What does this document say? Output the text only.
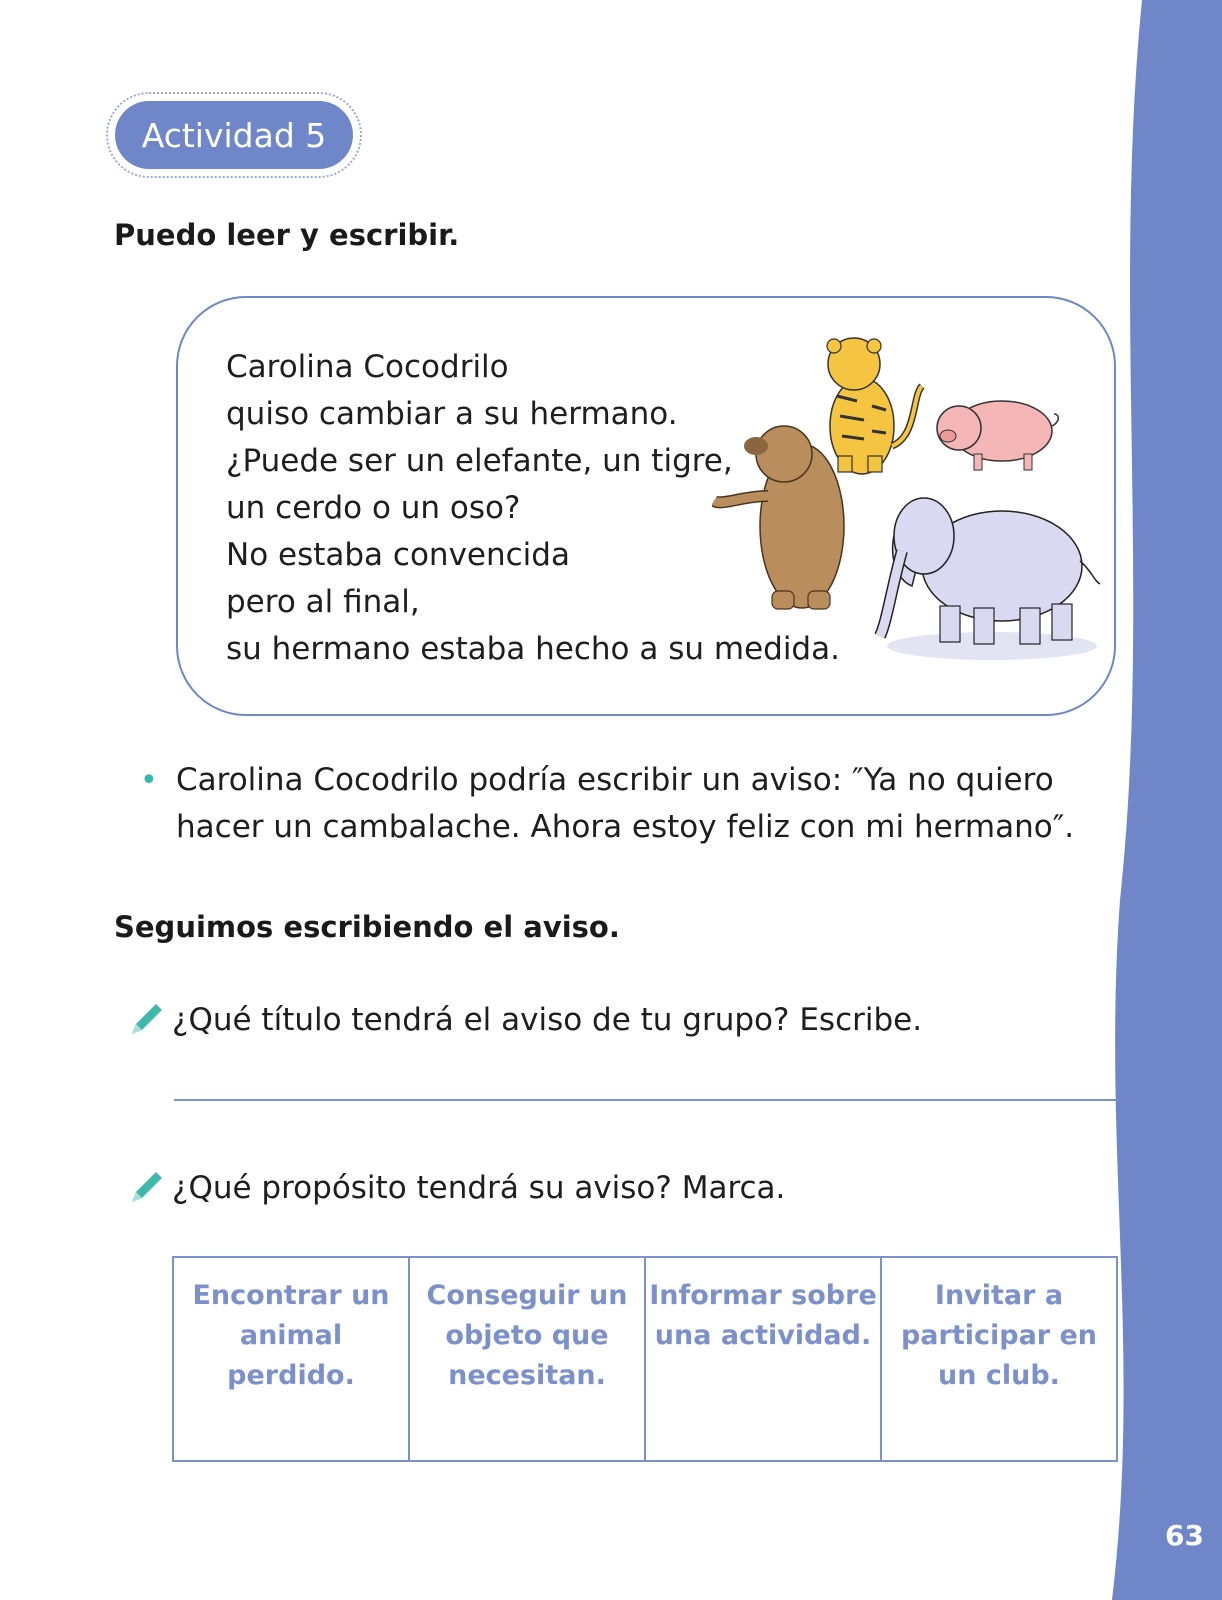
63
Actividad 5
Puedo leer y escribir.
Carolina Cocodrilo
quiso cambiar a su hermano.
¿Puede ser un elefante, un tigre,
un cerdo o un oso?
No estaba convencida
pero al final,
su hermano estaba hecho a su medida.
• Carolina Cocodrilo podría escribir un aviso: ″Ya no quiero
hacer un cambalache. Ahora estoy feliz con mi hermano″.
Seguimos escribiendo el aviso.
¿Qué título tendrá el aviso de tu grupo? Escribe.
¿Qué propósito tendrá su aviso? Marca.
Encontrar un
animal perdido.
Conseguir un
objeto que
necesitan.
Informar sobre
una actividad.
Invitar a
participar en
un club.
